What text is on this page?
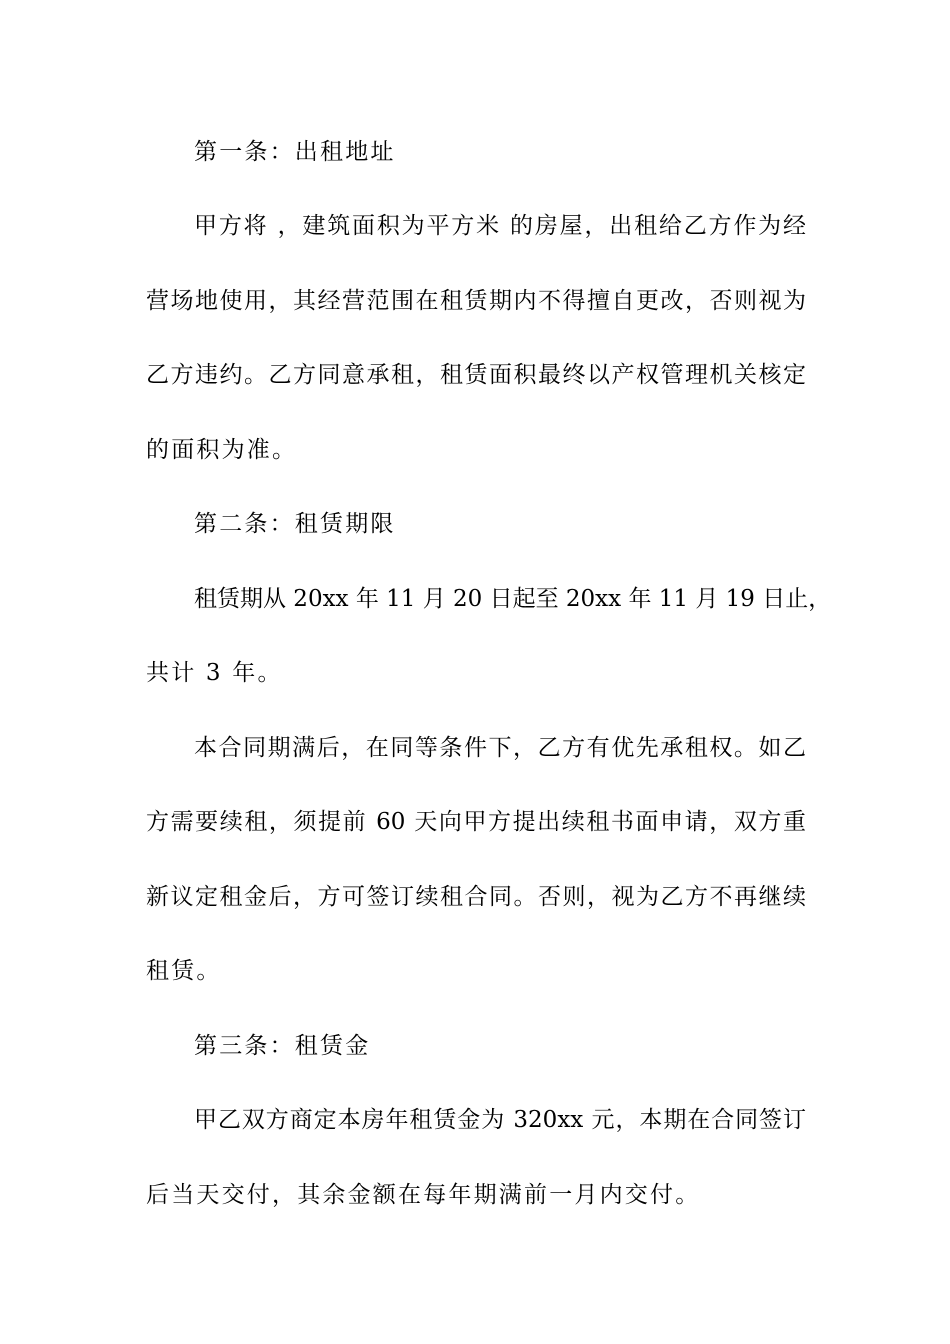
第一条：出租地址
甲方将 ，建筑面积为平方米 的房屋，出租给乙方作为经
营场地使用，其经营范围在租赁期内不得擅自更改，否则视为
乙方违约。乙方同意承租，租赁面积最终以产权管理机关核定
的面积为准。
第二条：租赁期限
租赁期从 20xx 年 11 月 20 日起至 20xx 年 11 月 19 日止，
共计 3 年。
本合同期满后，在同等条件下，乙方有优先承租权。如乙
方需要续租，须提前 60 天向甲方提出续租书面申请，双方重
新议定租金后，方可签订续租合同。否则，视为乙方不再继续
租赁。
第三条：租赁金
甲乙双方商定本房年租赁金为 320xx 元，本期在合同签订
后当天交付，其余金额在每年期满前一月内交付。
